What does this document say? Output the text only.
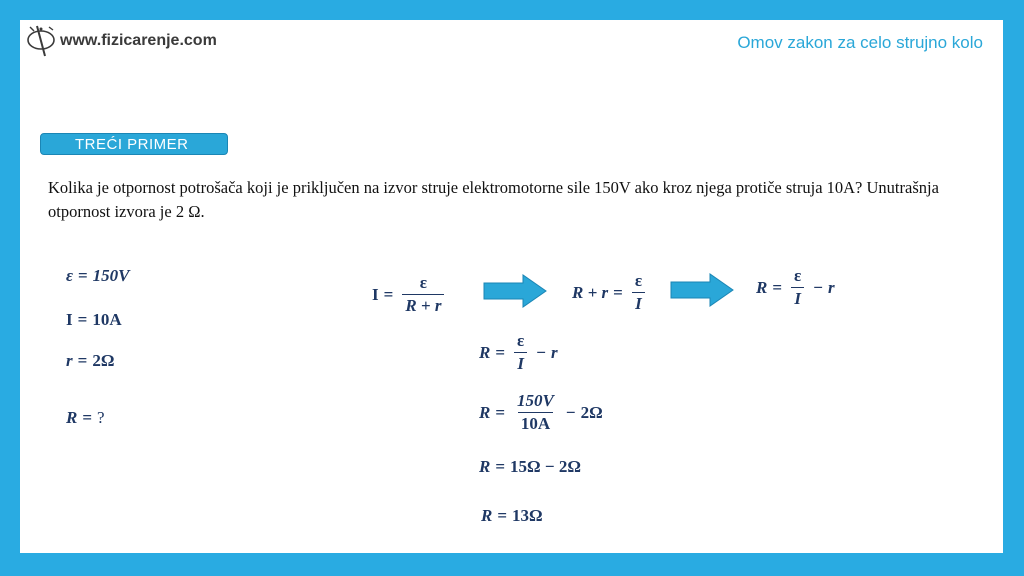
www.fizicarenje.com	Omov zakon za celo strujno kolo
TREĆI PRIMER
Kolika je otpornost potrošača koji je priključen na izvor struje elektromotorne sile 150V ako kroz njega protiče struja 10A? Unutrašnja otpornost izvora je 2 Ω.
ε = 150V
I = 10A
r = 2Ω
R = ?
$I = \frac{\varepsilon}{R + r}$	$R + r = \frac{\varepsilon}{I}$	$R = \frac{\varepsilon}{I} - r$
$R = \frac{\varepsilon}{I} - r$
$R = \frac{150V}{10A} - 2\Omega$
R = 15Ω − 2Ω
R = 13Ω
